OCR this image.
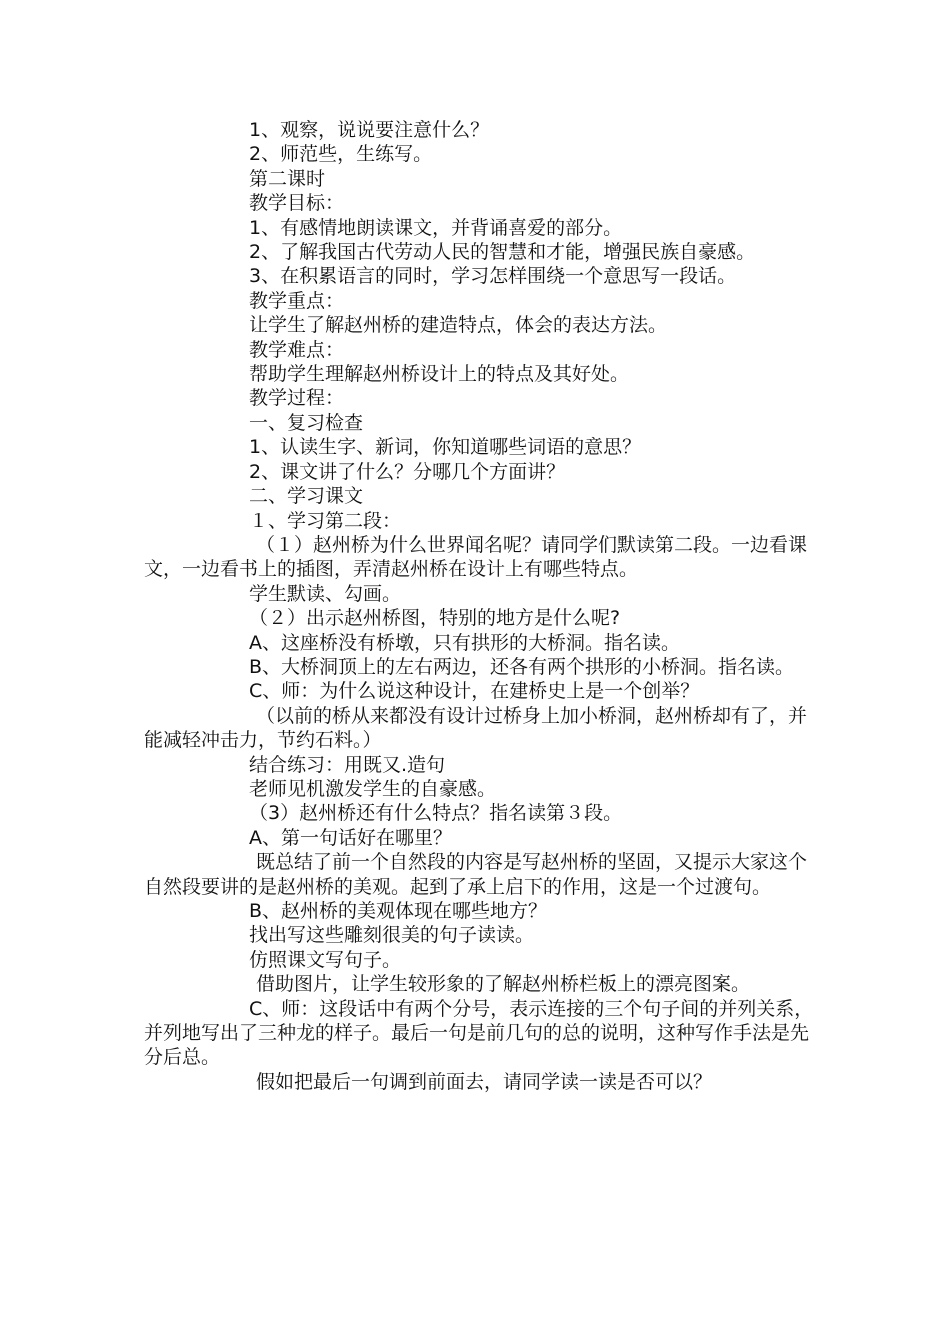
1、观察，说说要注意什么？

2、师范些，生练写。

第二课时

教学目标：

1、有感情地朗读课文，并背诵喜爱的部分。

2、了解我国古代劳动人民的智慧和才能，增强民族自豪感。

3、在积累语言的同时，学习怎样围绕一个意思写一段话。

教学重点：

让学生了解赵州桥的建造特点，体会的表达方法。

教学难点：

帮助学生理解赵州桥设计上的特点及其好处。

教学过程：

一、复习检查

1、认读生字、新词，你知道哪些词语的意思？

2、课文讲了什么？分哪几个方面讲？

二、学习课文

１、学习第二段：

（１）赵州桥为什么世界闻名呢？请同学们默读第二段。一边看课文，一边看书上的插图，弄清赵州桥在设计上有哪些特点。

学生默读、勾画。

（２）出示赵州桥图，特别的地方是什么呢?

A、这座桥没有桥墩，只有拱形的大桥洞。指名读。

B、大桥洞顶上的左右两边，还各有两个拱形的小桥洞。指名读。

C、师：为什么说这种设计，在建桥史上是一个创举？

（以前的桥从来都没有设计过桥身上加小桥洞，赵州桥却有了，并能减轻冲击力，节约石料。）

结合练习：用既又.造句

老师见机激发学生的自豪感。

（3）赵州桥还有什么特点？指名读第３段。

A、第一句话好在哪里？

既总结了前一个自然段的内容是写赵州桥的坚固，又提示大家这个自然段要讲的是赵州桥的美观。起到了承上启下的作用，这是一个过渡句。

B、赵州桥的美观体现在哪些地方？

找出写这些雕刻很美的句子读读。

仿照课文写句子。

借助图片，让学生较形象的了解赵州桥栏板上的漂亮图案。

C、师：这段话中有两个分号，表示连接的三个句子间的并列关系，并列地写出了三种龙的样子。最后一句是前几句的总的说明，这种写作手法是先分后总。

假如把最后一句调到前面去，请同学读一读是否可以？
